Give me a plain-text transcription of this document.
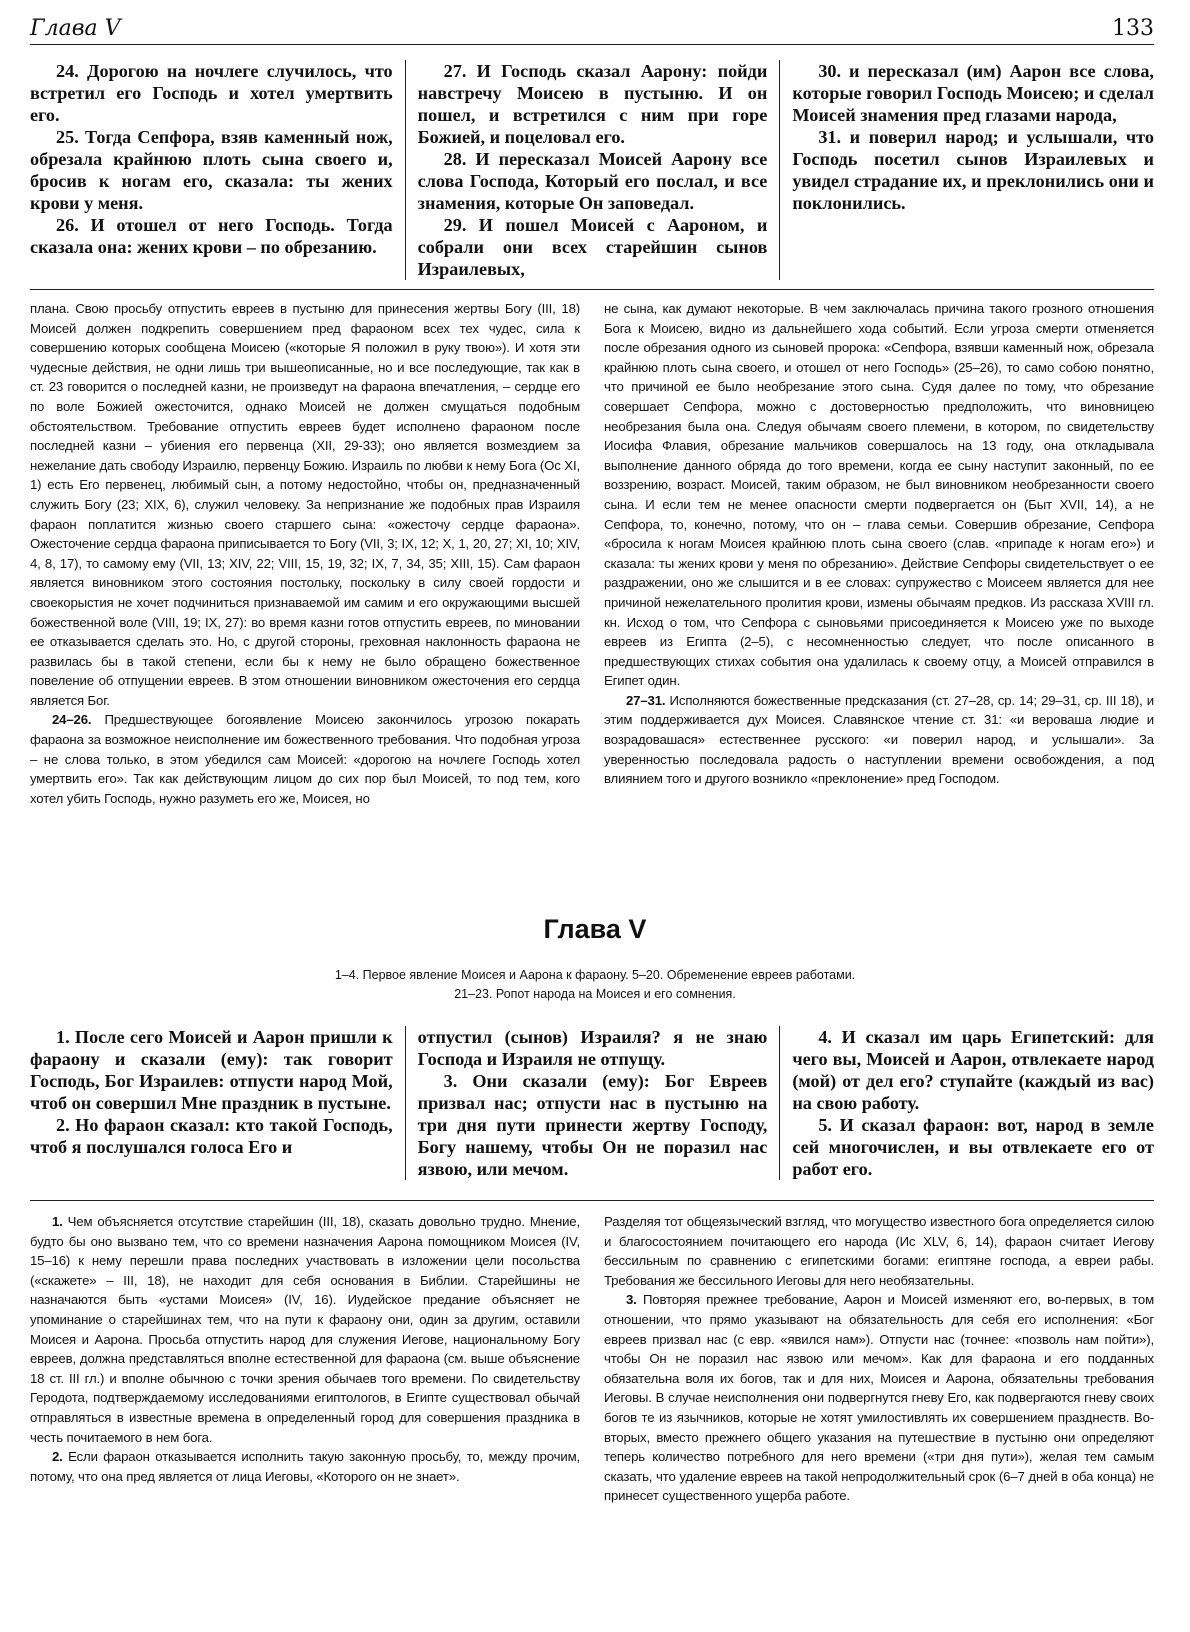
Глава V	133

24. Дорогою на ночлеге случилось, что встретил его Господь и хотел умертвить его.

25. Тогда Сепфора, взяв каменный нож, обрезала крайнюю плоть сына своего и, бросив к ногам его, сказала: ты жених крови у меня.

26. И отошел от него Господь. Тогда сказала она: жених крови – по обрезанию.

27. И Господь сказал Аарону: пойди навстречу Моисею в пустыню. И он пошел, и встретился с ним при горе Божией, и поцеловал его.

28. И пересказал Моисей Аарону все слова Господа, Который его послал, и все знамения, которые Он заповедал.

29. И пошел Моисей с Аароном, и собрали они всех старейшин сынов Израилевых,

30. и пересказал (им) Аарон все слова, которые говорил Господь Моисею; и сделал Моисей знамения пред глазами народа,

31. и поверил народ; и услышали, что Господь посетил сынов Израилевых и увидел страдание их, и преклонились они и поклонились.

плана. Свою просьбу отпустить евреев в пустыню для принесения жертвы Богу (III, 18) Моисей должен подкрепить совершением пред фараоном всех тех чудес, сила к совершению которых сообщена Моисею («которые Я положил в руку твою»). И хотя эти чудесные действия, не одни лишь три вышеописанные, но и все последующие, так как в ст. 23 говорится о последней казни, не произведут на фараона впечатления, – сердце его по воле Божией ожесточится, однако Моисей не должен смущаться подобным обстоятельством. Требование отпустить евреев будет исполнено фараоном после последней казни – убиения его первенца (XII, 29-33); оно является возмездием за нежелание дать свободу Израилю, первенцу Божию. Израиль по любви к нему Бога (Ос XI, 1) есть Его первенец, любимый сын, а потому недостойно, чтобы он, предназначенный служить Богу (23; XIX, 6), служил человеку. За непризнание же подобных прав Израиля фараон поплатится жизнью своего старшего сына: «ожесточу сердце фараона». Ожесточение сердца фараона приписывается то Богу (VII, 3; IX, 12; X, 1, 20, 27; XI, 10; XIV, 4, 8, 17), то самому ему (VII, 13; XIV, 22; VIII, 15, 19, 32; IX, 7, 34, 35; XIII, 15). Сам фараон является виновником этого состояния постольку, поскольку в силу своей гордости и своекорыстия не хочет подчиниться признаваемой им самим и его окружающими высшей божественной воле (VIII, 19; IX, 27): во время казни готов отпустить евреев, по миновании ее отказывается сделать это. Но, с другой стороны, греховная наклонность фараона не развилась бы в такой степени, если бы к нему не было обращено божественное повеление об отпущении евреев. В этом отношении виновником ожесточения его сердца является Бог.

24–26. Предшествующее богоявление Моисею закончилось угрозою покарать фараона за возможное неисполнение им божественного требования. Что подобная угроза – не слова только, в этом убедился сам Моисей: «дорогою на ночлеге Господь хотел умертвить его». Так как действующим лицом до сих пор был Моисей, то под тем, кого хотел убить Господь, нужно разуметь его же, Моисея, но

не сына, как думают некоторые. В чем заключалась причина такого грозного отношения Бога к Моисею, видно из дальнейшего хода событий. Если угроза смерти отменяется после обрезания одного из сыновей пророка: «Сепфора, взявши каменный нож, обрезала крайнюю плоть сына своего, и отошел от него Господь» (25–26), то само собою понятно, что причиной ее было необрезание этого сына. Судя далее по тому, что обрезание совершает Сепфора, можно с достоверностью предположить, что виновницею необрезания была она. Следуя обычаям своего племени, в котором, по свидетельству Иосифа Флавия, обрезание мальчиков совершалось на 13 году, она откладывала выполнение данного обряда до того времени, когда ее сыну наступит законный, по ее воззрению, возраст. Моисей, таким образом, не был виновником необрезанности своего сына. И если тем не менее опасности смерти подвергается он (Быт XVII, 14), а не Сепфора, то, конечно, потому, что он – глава семьи. Совершив обрезание, Сепфора «бросила к ногам Моисея крайнюю плоть сына своего (слав. «припаде к ногам его») и сказала: ты жених крови у меня по обрезанию». Действие Сепфоры свидетельствует о ее раздражении, оно же слышится и в ее словах: супружество с Моисеем является для нее причиной нежелательного пролития крови, измены обычаям предков. Из рассказа XVIII гл. кн. Исход о том, что Сепфора с сыновьями присоединяется к Моисею уже по выходе евреев из Египта (2–5), с несомненностью следует, что после описанного в предшествующих стихах события она удалилась к своему отцу, а Моисей отправился в Египет один.

27–31. Исполняются божественные предсказания (ст. 27–28, ср. 14; 29–31, ср. III 18), и этим поддерживается дух Моисея. Славянское чтение ст. 31: «и вероваша людие и возрадовашася» естественнее русского: «и поверил народ, и услышали». За уверенностью последовала радость о наступлении времени освобождения, а под влиянием того и другого возникло «преклонение» пред Господом.

Глава V
1–4. Первое явление Моисея и Аарона к фараону. 5–20. Обременение евреев работами.
21–23. Ропот народа на Моисея и его сомнения.

1. После сего Моисей и Аарон пришли к фараону и сказали (ему): так говорит Господь, Бог Израилев: отпусти народ Мой, чтоб он совершил Мне праздник в пустыне.

2. Но фараон сказал: кто такой Господь, чтоб я послушался голоса Его и

отпустил (сынов) Израиля? я не знаю Господа и Израиля не отпущу.

3. Они сказали (ему): Бог Евреев призвал нас; отпусти нас в пустыню на три дня пути принести жертву Господу, Богу нашему, чтобы Он не поразил нас язвою, или мечом.

4. И сказал им царь Египетский: для чего вы, Моисей и Аарон, отвлекаете народ (мой) от дел его? ступайте (каждый из вас) на свою работу.

5. И сказал фараон: вот, народ в земле сей многочислен, и вы отвлекаете его от работ его.

1. Чем объясняется отсутствие старейшин (III, 18), сказать довольно трудно. Мнение, будто бы оно вызвано тем, что со времени назначения Аарона помощником Моисея (IV, 15–16) к нему перешли права последних участвовать в изложении цели посольства («скажете» – III, 18), не находит для себя основания в Библии. Старейшины не назначаются быть «устами Моисея» (IV, 16). Иудейское предание объясняет не упоминание о старейшинах тем, что на пути к фараону они, один за другим, оставили Моисея и Аарона. Просьба отпустить народ для служения Иегове, национальному Богу евреев, должна представляться вполне естественной для фараона (см. выше объяснение 18 ст. III гл.) и вполне обычною с точки зрения обычаев того времени. По свидетельству Геродота, подтверждаемому исследованиями египтологов, в Египте существовал обычай отправляться в известные времена в определенный город для совершения праздника в честь почитаемого в нем бога.

2. Если фараон отказывается исполнить такую законную просьбу, то, между прочим, потому, что она пред является от лица Иеговы, «Которого он не знает».

Разделяя тот общеязыческий взгляд, что могущество известного бога определяется силою и благосостоянием почитающего его народа (Ис XLV, 6, 14), фараон считает Иегову бессильным по сравнению с египетскими богами: египтяне господа, а евреи рабы. Требования же бессильного Иеговы для него необязательны.

3. Повторяя прежнее требование, Аарон и Моисей изменяют его, во-первых, в том отношении, что прямо указывают на обязательность для себя его исполнения: «Бог евреев призвал нас (с евр. «явился нам»). Отпусти нас (точнее: «позволь нам пойти»), чтобы Он не поразил нас язвою или мечом». Как для фараона и его подданных обязательна воля их богов, так и для них, Моисея и Аарона, обязательны требования Иеговы. В случае неисполнения они подвергнутся гневу Его, как подвергаются гневу своих богов те из язычников, которые не хотят умилостивлять их совершением празднеств. Во-вторых, вместо прежнего общего указания на путешествие в пустыню они определяют теперь количество потребного для него времени («три дня пути»), желая тем самым сказать, что удаление евреев на такой непродолжительный срок (6–7 дней в оба конца) не принесет существенного ущерба работе.
